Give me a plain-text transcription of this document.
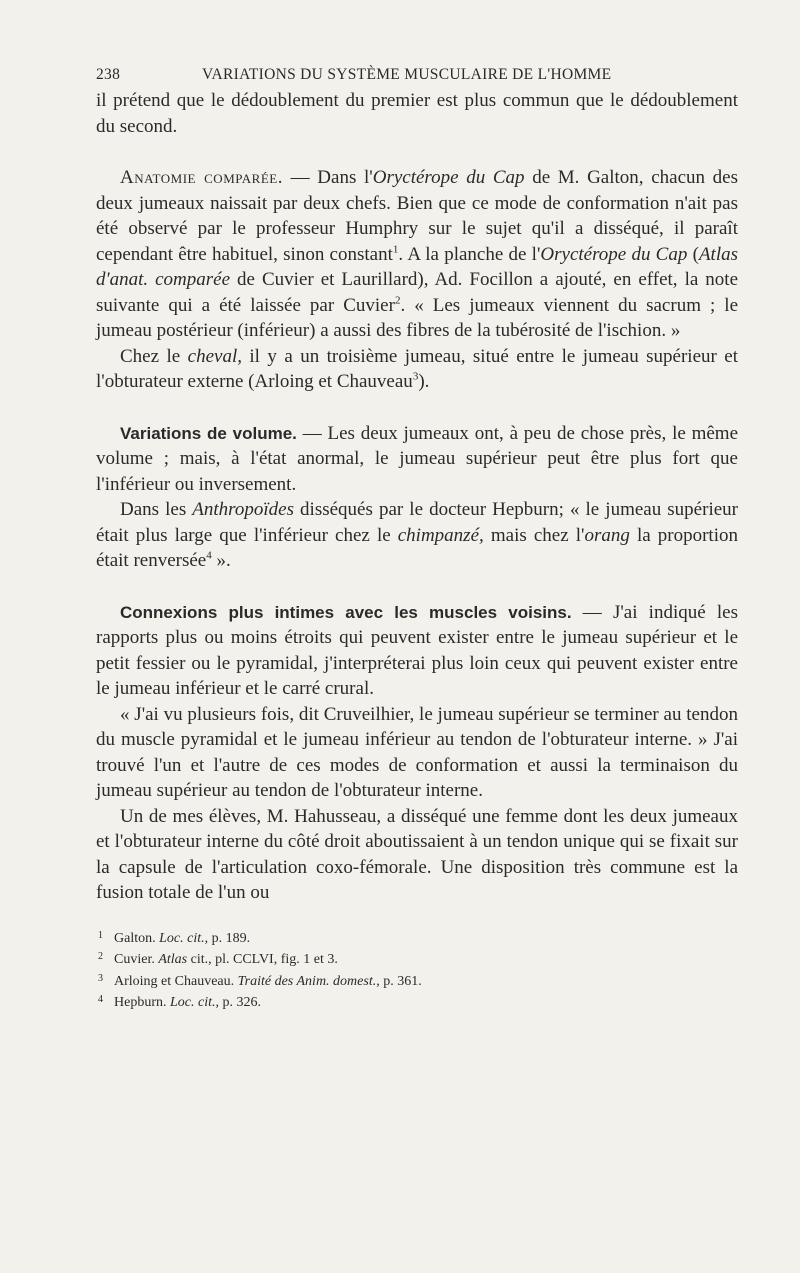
238	VARIATIONS DU SYSTÈME MUSCULAIRE DE L'HOMME

il prétend que le dédoublement du premier est plus commun que le dédoublement du second.

Anatomie comparée. — Dans l'Oryctérope du Cap de M. Galton, chacun des deux jumeaux naissait par deux chefs. Bien que ce mode de conformation n'ait pas été observé par le professeur Humphry sur le sujet qu'il a disséqué, il paraît cependant être habituel, sinon constant$^1$. A la planche de l'Oryctérope du Cap (Atlas d'anat. comparée de Cuvier et Laurillard), Ad. Focillon a ajouté, en effet, la note suivante qui a été laissée par Cuvier$^2$. « Les jumeaux viennent du sacrum ; le jumeau postérieur (inférieur) a aussi des fibres de la tubérosité de l'ischion. »

Chez le cheval, il y a un troisième jumeau, situé entre le jumeau supérieur et l'obturateur externe (Arloing et Chauveau$^3$).

Variations de volume. — Les deux jumeaux ont, à peu de chose près, le même volume ; mais, à l'état anormal, le jumeau supérieur peut être plus fort que l'inférieur ou inversement.

Dans les Anthropoïdes disséqués par le docteur Hepburn; « le jumeau supérieur était plus large que l'inférieur chez le chimpanzé, mais chez l'orang la proportion était renversée$^4$ ».

Connexions plus intimes avec les muscles voisins. — J'ai indiqué les rapports plus ou moins étroits qui peuvent exister entre le jumeau supérieur et le petit fessier ou le pyramidal, j'interpréterai plus loin ceux qui peuvent exister entre le jumeau inférieur et le carré crural.

« J'ai vu plusieurs fois, dit Cruveilhier, le jumeau supérieur se terminer au tendon du muscle pyramidal et le jumeau inférieur au tendon de l'obturateur interne. » J'ai trouvé l'un et l'autre de ces modes de conformation et aussi la terminaison du jumeau supérieur au tendon de l'obturateur interne.

Un de mes élèves, M. Hahusseau, a disséqué une femme dont les deux jumeaux et l'obturateur interne du côté droit aboutissaient à un tendon unique qui se fixait sur la capsule de l'articulation coxo-fémorale. Une disposition très commune est la fusion totale de l'un ou

1 Galton. Loc. cit., p. 189.
2 Cuvier. Atlas cit., pl. CCLVI, fig. 1 et 3.
3 Arloing et Chauveau. Traité des Anim. domest., p. 361.
4 Hepburn. Loc. cit., p. 326.
